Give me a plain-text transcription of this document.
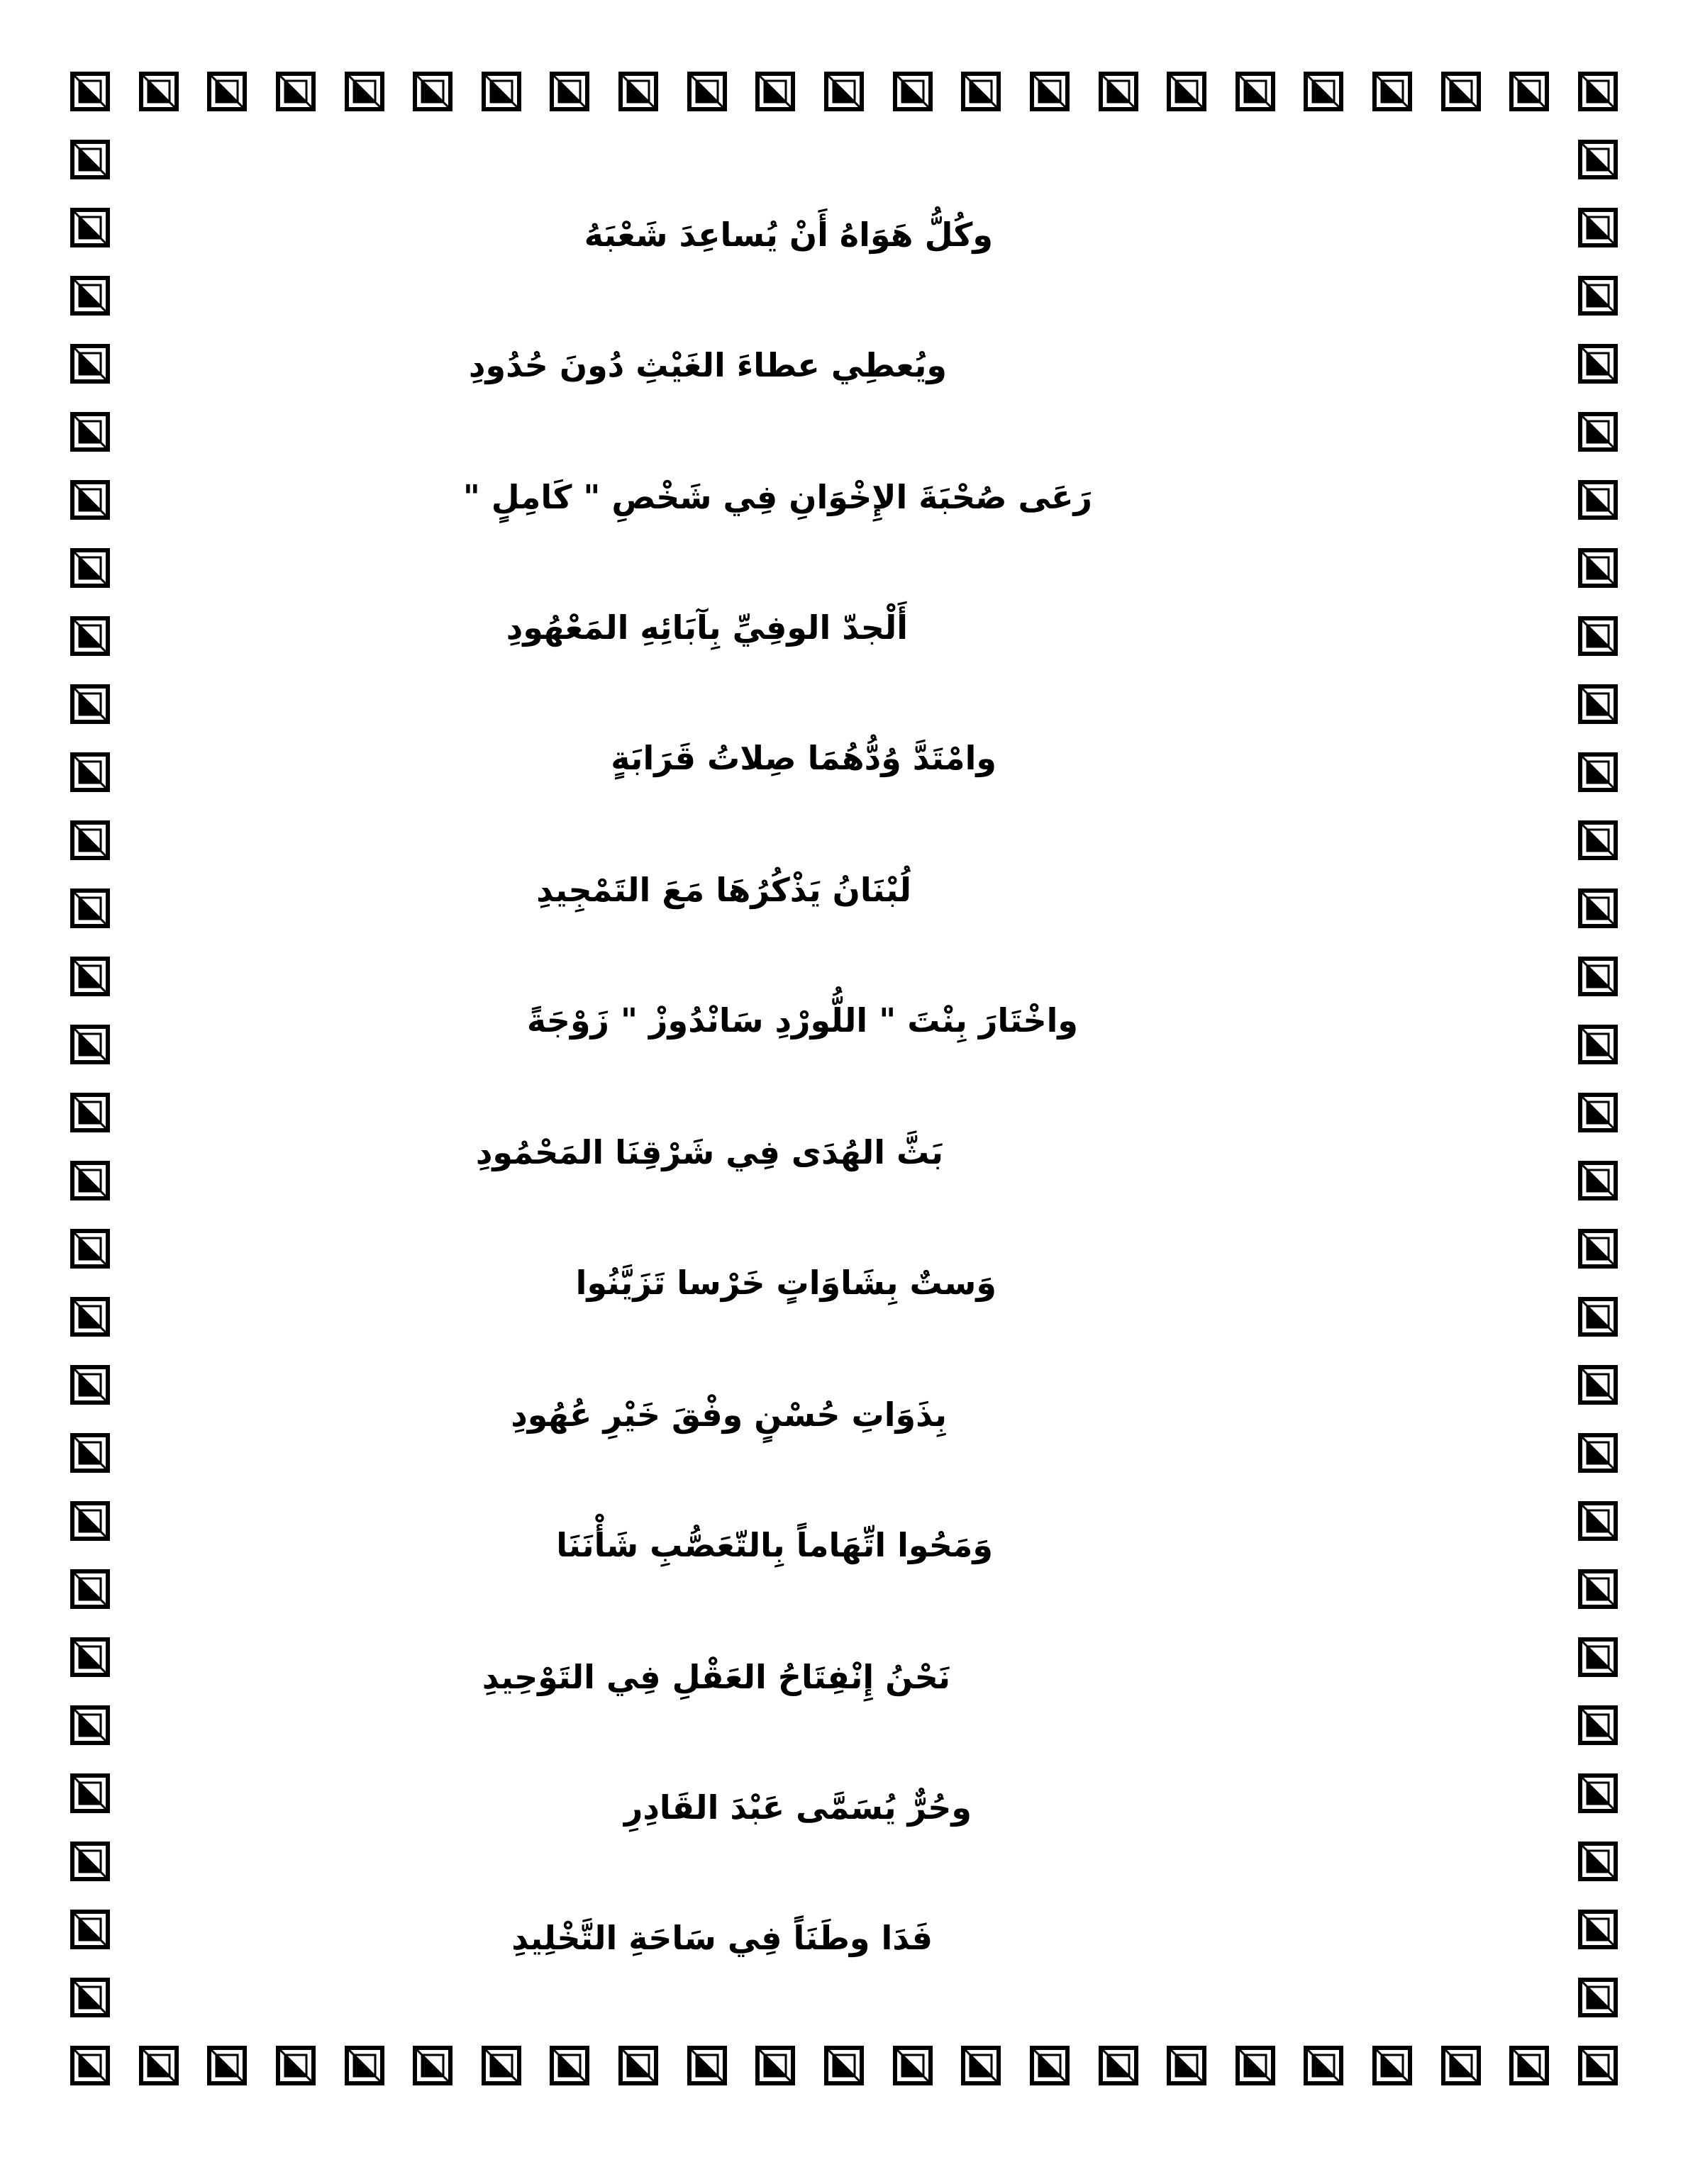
وكُلُّ هَوَاهُ أَنْ يُساعِدَ شَعْبَهُ
ويُعطِي عطاءَ الغَيْثِ دُونَ حُدُودِ
رَعَى صُحْبَةَ الإِخْوَانِ فِي شَخْصِ " كَامِلٍ "
أَلْجدّ الوفِيِّ بِآبَائِهِ المَعْهُودِ
وامْتَدَّ وُدُّهُمَا صِلاتُ قَرَابَةٍ
لُبْنَانُ يَذْكُرُهَا مَعَ التَمْجِيدِ
واخْتَارَ بِنْتَ " اللُّورْدِ سَانْدُوزْ " زَوْجَةً
بَثَّ الهُدَى فِي شَرْقِنَا المَحْمُودِ
وَستٌ بِشَاوَاتٍ خَرْسا تَزَيَّنُوا
بِذَوَاتِ حُسْنٍ وفْقَ خَيْرِ عُهُودِ
وَمَحُوا اتِّهَاماً بِالتّعَصُّبِ شَأْنَنَا
نَحْنُ إِنْفِتَاحُ العَقْلِ فِي التَوْحِيدِ
وحُرٌّ يُسَمَّى عَبْدَ القَادِرِ
فَدَا وطَنَاً فِي سَاحَةِ التَّخْلِيدِ
